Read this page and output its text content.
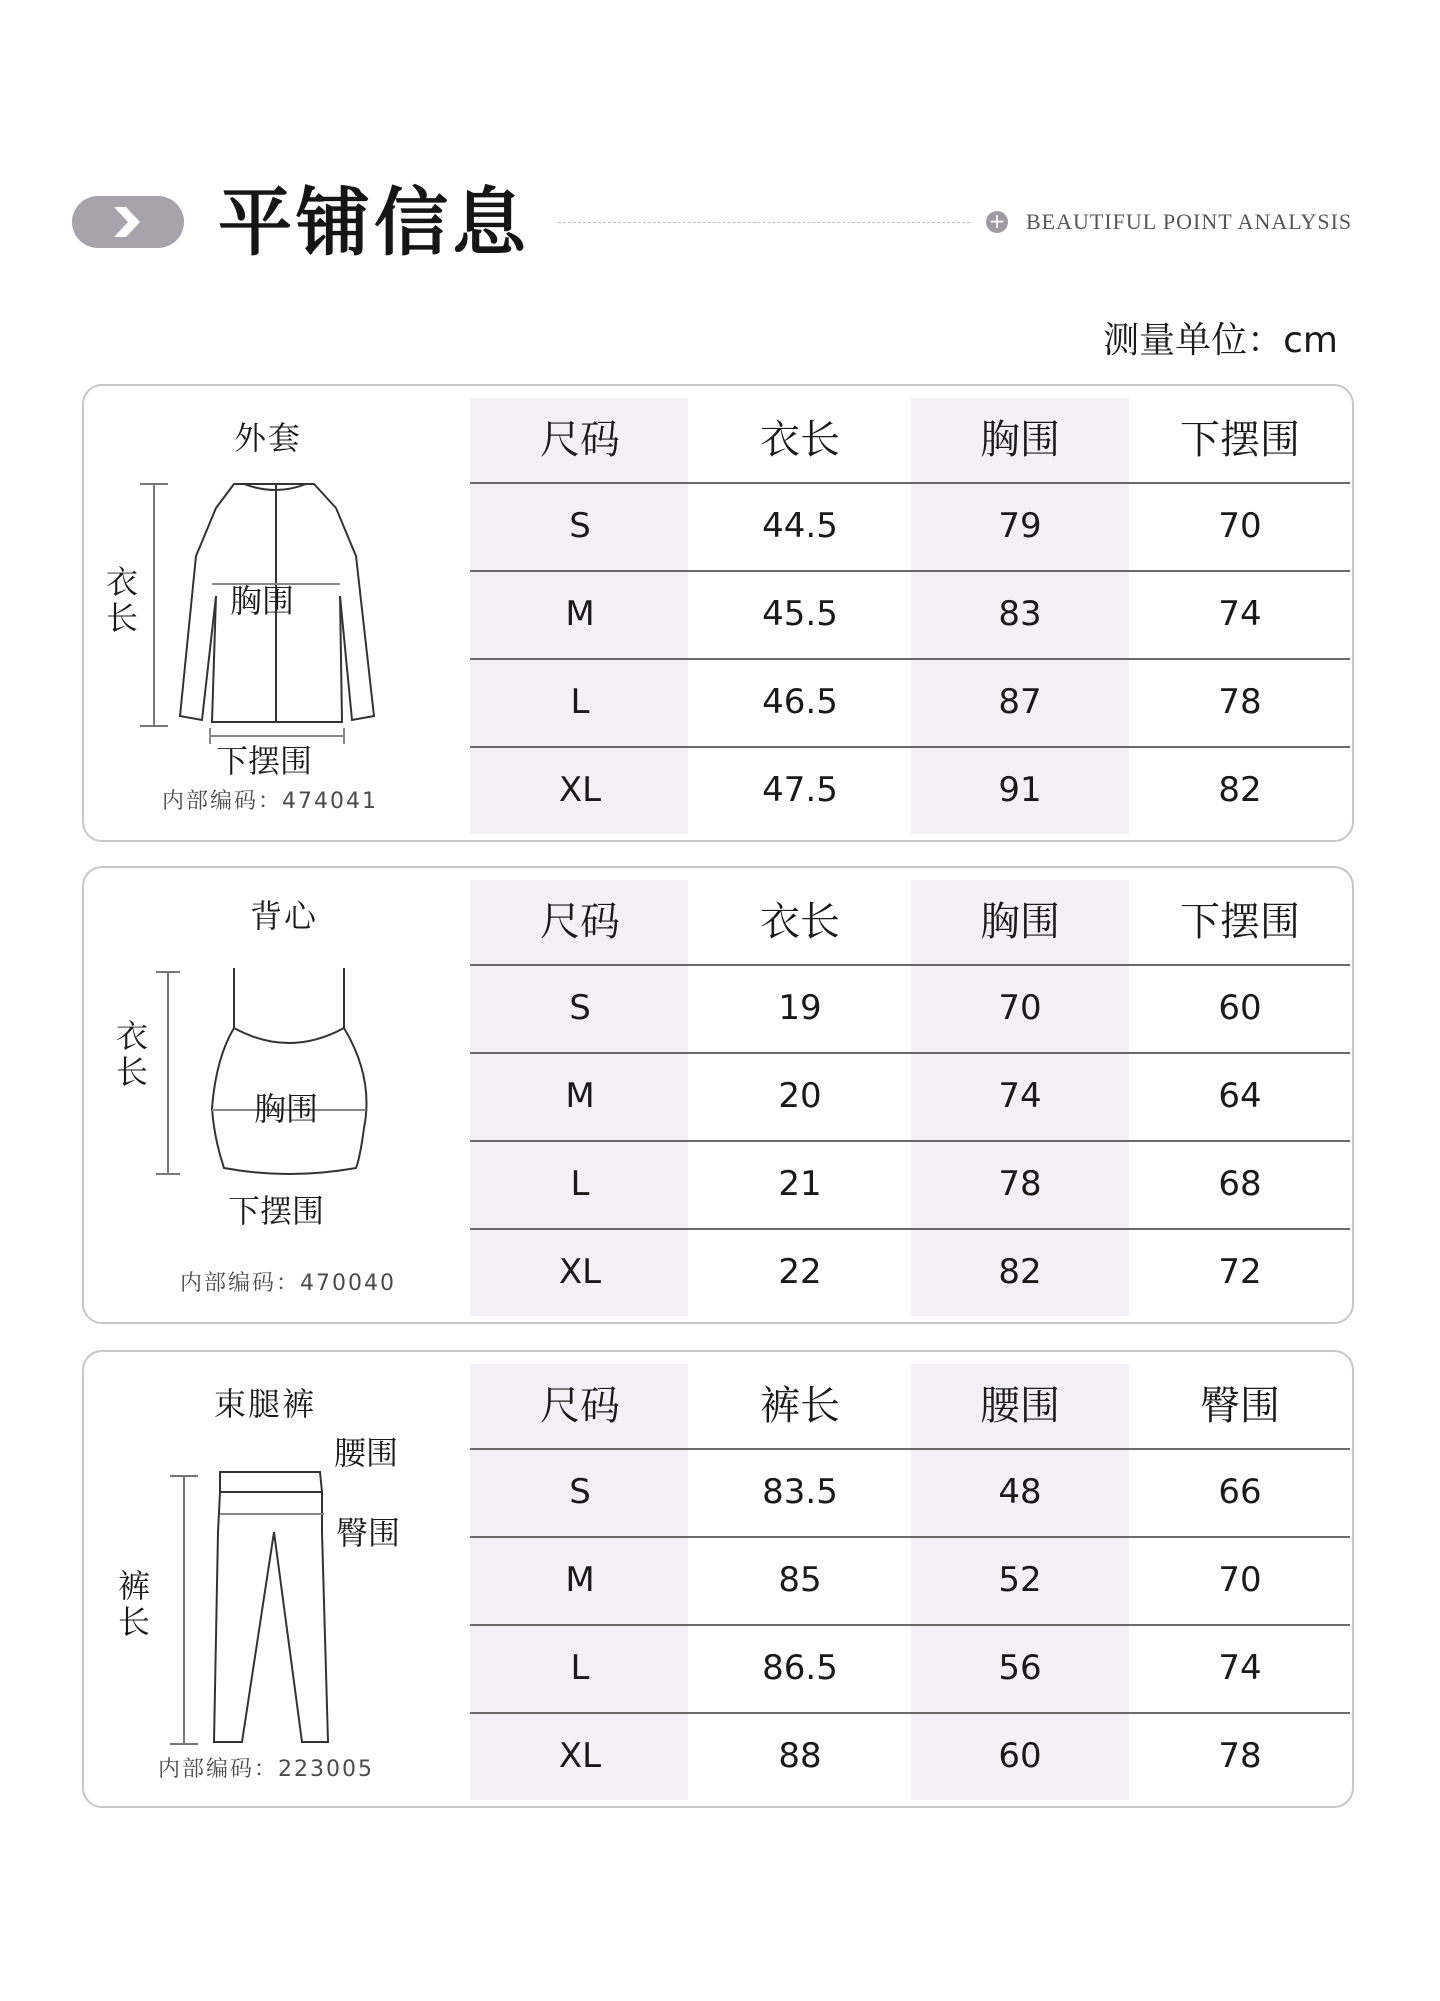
平铺信息	+ BEAUTIFUL POINT ANALYSIS
测量单位：cm
外套
衣
长	胸围
下摆围
内部编码：474041
尺码	衣长	胸围	下摆围
S	44.5	79	70
M	45.5	83	74
L	46.5	87	78
XL	47.5	91	82
背心
衣
长
胸围
下摆围
内部编码：470040
尺码	衣长	胸围	下摆围
S	19	70	60
M	20	74	64
L	21	78	68
XL	22	82	72
束腿裤
腰围
臀围
裤
长
内部编码：223005
尺码	裤长	腰围	臀围
S	83.5	48	66
M	85	52	70
L	86.5	56	74
XL	88	60	78
